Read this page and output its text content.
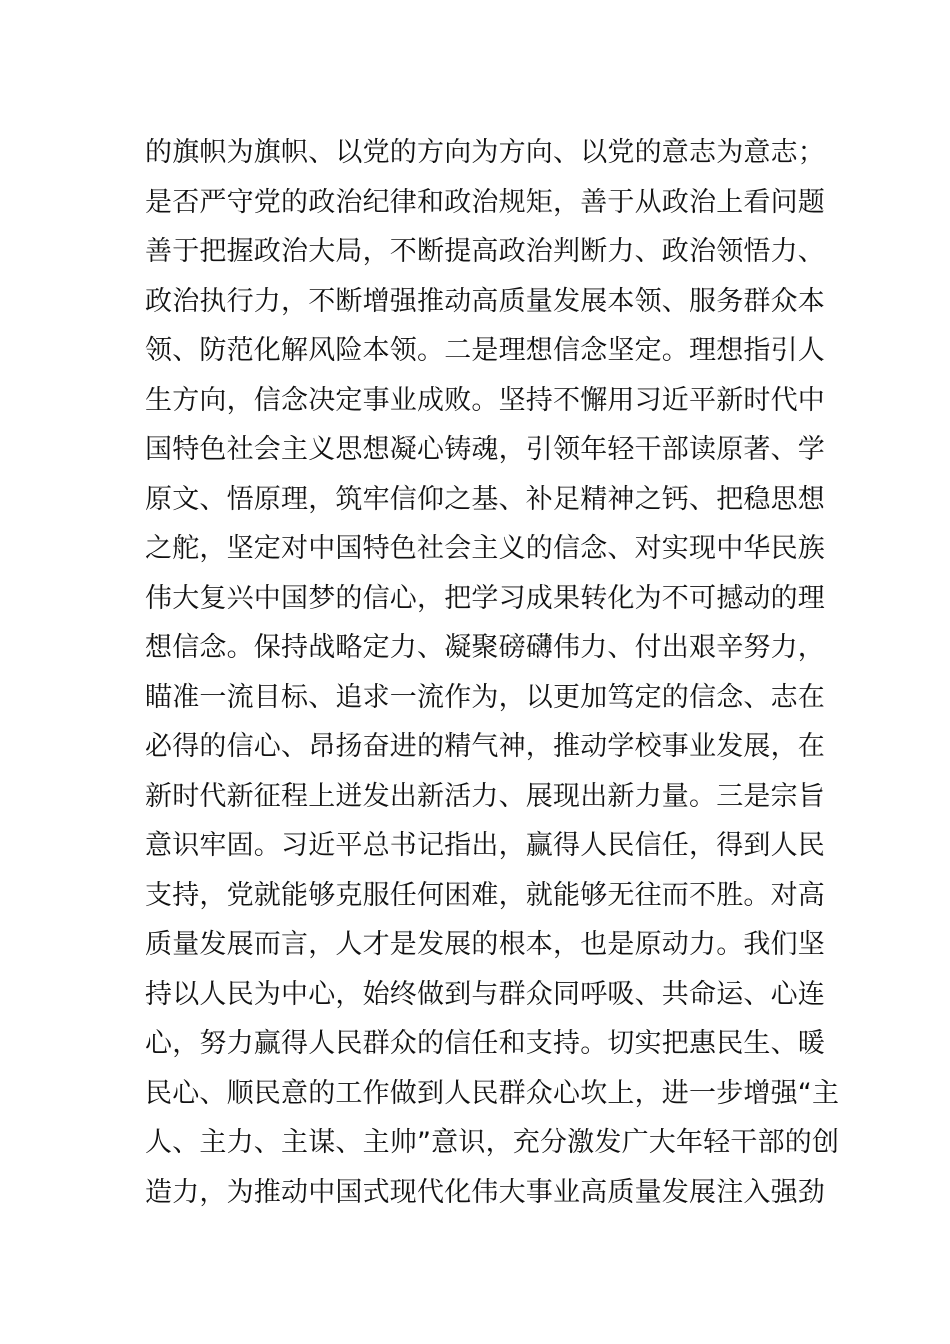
的旗帜为旗帜、以党的方向为方向、以党的意志为意志；
是否严守党的政治纪律和政治规矩，善于从政治上看问题
善于把握政治大局，不断提高政治判断力、政治领悟力、
政治执行力，不断增强推动高质量发展本领、服务群众本
领、防范化解风险本领。二是理想信念坚定。理想指引人
生方向，信念决定事业成败。坚持不懈用习近平新时代中
国特色社会主义思想凝心铸魂，引领年轻干部读原著、学
原文、悟原理，筑牢信仰之基、补足精神之钙、把稳思想
之舵，坚定对中国特色社会主义的信念、对实现中华民族
伟大复兴中国梦的信心，把学习成果转化为不可撼动的理
想信念。保持战略定力、凝聚磅礴伟力、付出艰辛努力，
瞄准一流目标、追求一流作为，以更加笃定的信念、志在
必得的信心、昂扬奋进的精气神，推动学校事业发展，在
新时代新征程上迸发出新活力、展现出新力量。三是宗旨
意识牢固。习近平总书记指出，赢得人民信任，得到人民
支持，党就能够克服任何困难，就能够无往而不胜。对高
质量发展而言，人才是发展的根本，也是原动力。我们坚
持以人民为中心，始终做到与群众同呼吸、共命运、心连
心，努力赢得人民群众的信任和支持。切实把惠民生、暖
民心、顺民意的工作做到人民群众心坎上，进一步增强“主
人、主力、主谋、主帅”意识，充分激发广大年轻干部的创
造力，为推动中国式现代化伟大事业高质量发展注入强劲
